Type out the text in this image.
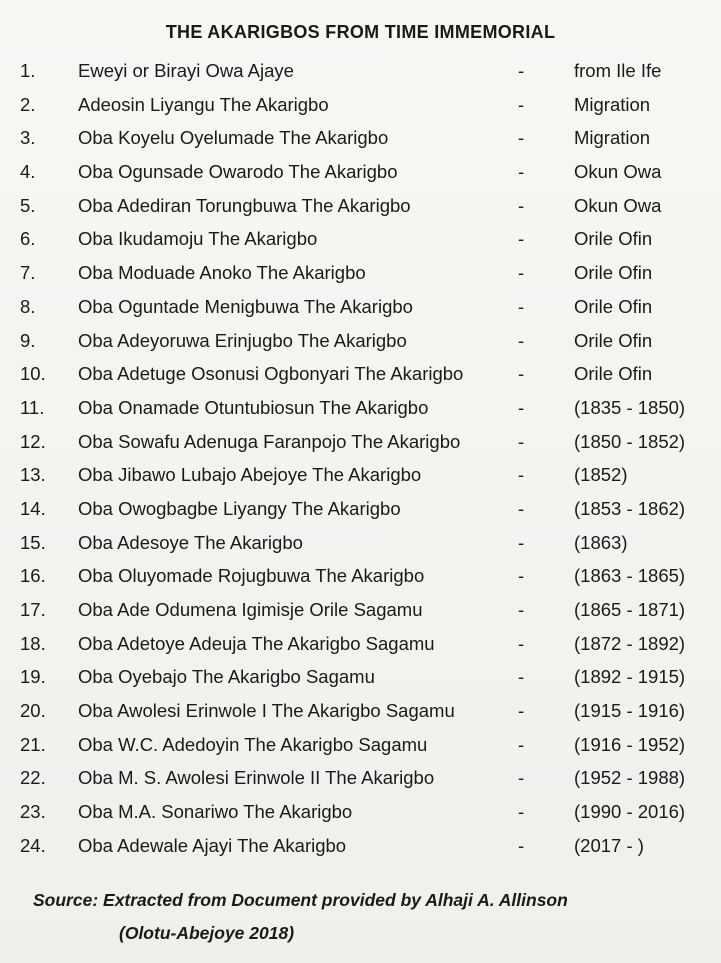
THE AKARIGBOS FROM TIME IMMEMORIAL
1. Eweyi or Birayi Owa Ajaye	-	from Ile Ife
2. Adeosin Liyangu The Akarigbo	-	Migration
3. Oba Koyelu Oyelumade The Akarigbo	-	Migration
4. Oba Ogunsade Owarodo The Akarigbo	-	Okun Owa
5. Oba Adediran Torungbuwa The Akarigbo	-	Okun Owa
6. Oba Ikudamoju The Akarigbo	-	Orile Ofin
7. Oba Moduade Anoko The Akarigbo	-	Orile Ofin
8. Oba Oguntade Menigbuwa The Akarigbo	-	Orile Ofin
9. Oba Adeyoruwa Erinjugbo The Akarigbo	-	Orile Ofin
10. Oba Adetuge Osonusi Ogbonyari The Akarigbo	-	Orile Ofin
11. Oba Onamade Otuntubiosun The Akarigbo	-	(1835 - 1850)
12. Oba Sowafu Adenuga Faranpojo The Akarigbo	-	(1850 - 1852)
13. Oba Jibawo Lubajo Abejoye The Akarigbo	-	(1852)
14. Oba Owogbagbe Liyangy The Akarigbo	-	(1853 - 1862)
15. Oba Adesoye The Akarigbo	-	(1863)
16. Oba Oluyomade Rojugbuwa The Akarigbo	-	(1863 - 1865)
17. Oba Ade Odumena Igimisje Orile Sagamu	-	(1865 - 1871)
18. Oba Adetoye Adeuja The Akarigbo Sagamu	-	(1872 - 1892)
19. Oba Oyebajo The Akarigbo Sagamu	-	(1892 - 1915)
20. Oba Awolesi Erinwole I The Akarigbo Sagamu	-	(1915 - 1916)
21. Oba W.C. Adedoyin The Akarigbo Sagamu	-	(1916 - 1952)
22. Oba M. S. Awolesi Erinwole II The Akarigbo	-	(1952 - 1988)
23. Oba M.A. Sonariwo The Akarigbo	-	(1990 - 2016)
24. Oba Adewale Ajayi The Akarigbo	-	(2017 - )
Source: Extracted from Document provided by Alhaji A. Allinson
(Olotu-Abejoye 2018)
